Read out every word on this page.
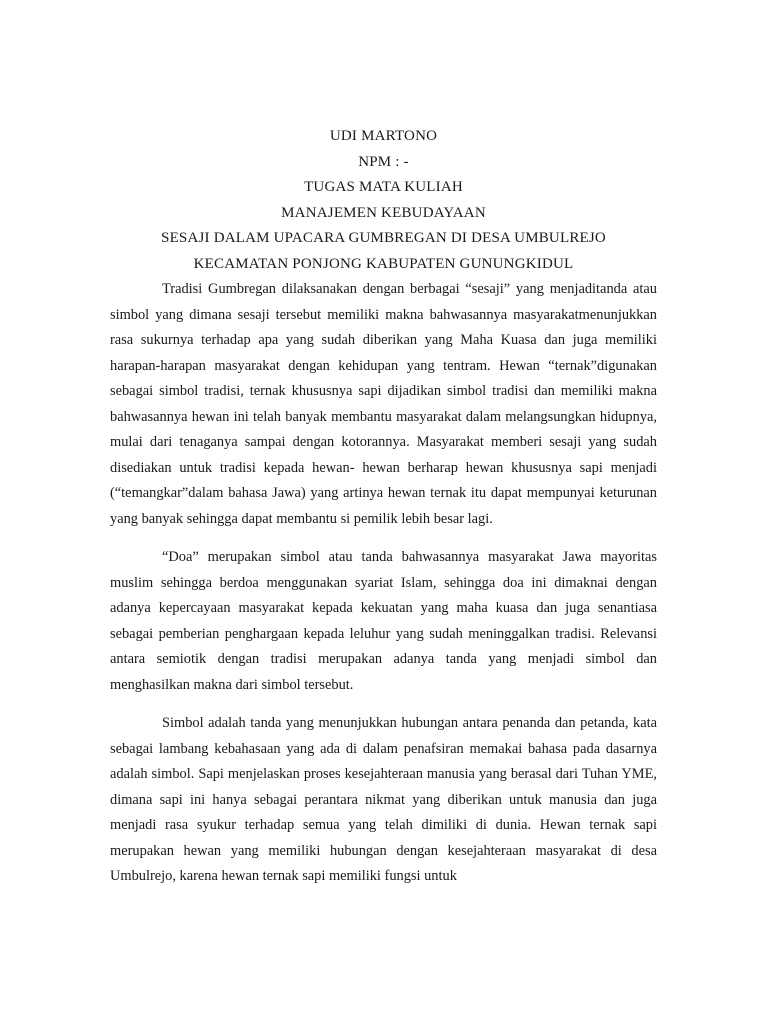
UDI MARTONO
NPM : -
TUGAS MATA KULIAH
MANAJEMEN KEBUDAYAAN
SESAJI DALAM UPACARA GUMBREGAN DI DESA UMBULREJO
KECAMATAN PONJONG KABUPATEN GUNUNGKIDUL

Tradisi Gumbregan dilaksanakan dengan berbagai “sesaji” yang menjaditanda atau simbol yang dimana sesaji tersebut memiliki makna bahwasannya masyarakatmenunjukkan rasa sukurnya terhadap apa yang sudah diberikan yang Maha Kuasa dan juga memiliki harapan-harapan masyarakat dengan kehidupan yang tentram. Hewan “ternak”digunakan sebagai simbol tradisi, ternak khususnya sapi dijadikan simbol tradisi dan memiliki makna bahwasannya hewan ini telah banyak membantu masyarakat dalam melangsungkan hidupnya, mulai dari tenaganya sampai dengan kotorannya. Masyarakat memberi sesaji yang sudah disediakan untuk tradisi kepada hewan- hewan berharap hewan khususnya sapi menjadi (“temangkar”dalam bahasa Jawa) yang artinya hewan ternak itu dapat mempunyai keturunan yang banyak sehingga dapat membantu si pemilik lebih besar lagi.

“Doa” merupakan simbol atau tanda bahwasannya masyarakat Jawa mayoritas muslim sehingga berdoa menggunakan syariat Islam, sehingga doa ini dimaknai dengan adanya kepercayaan masyarakat kepada kekuatan yang maha kuasa dan juga senantiasa sebagai pemberian penghargaan kepada leluhur yang sudah meninggalkan tradisi. Relevansi antara semiotik dengan tradisi merupakan adanya tanda yang menjadi simbol dan menghasilkan makna dari simbol tersebut.

Simbol adalah tanda yang menunjukkan hubungan antara penanda dan petanda, kata sebagai lambang kebahasaan yang ada di dalam penafsiran memakai bahasa pada dasarnya adalah simbol. Sapi menjelaskan proses kesejahteraan manusia yang berasal dari Tuhan YME, dimana sapi ini hanya sebagai perantara nikmat yang diberikan untuk manusia dan juga menjadi rasa syukur terhadap semua yang telah dimiliki di dunia. Hewan ternak sapi merupakan hewan yang memiliki hubungan dengan kesejahteraan masyarakat di desa Umbulrejo, karena hewan ternak sapi memiliki fungsi untuk
